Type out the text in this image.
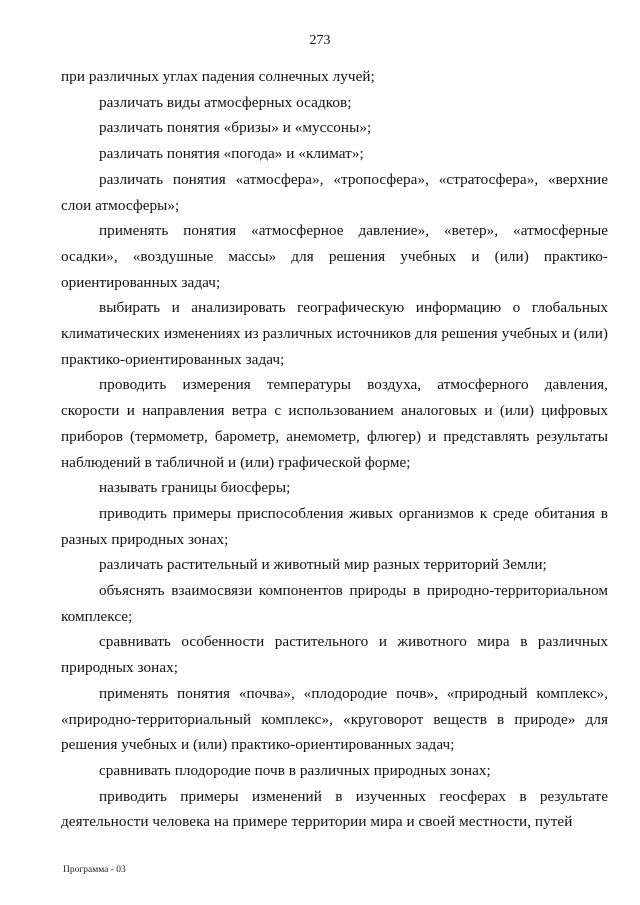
273

при различных углах падения солнечных лучей;

различать виды атмосферных осадков;

различать понятия «бризы» и «муссоны»;

различать понятия «погода» и «климат»;

различать понятия «атмосфера», «тропосфера», «стратосфера», «верхние слои атмосферы»;

применять понятия «атмосферное давление», «ветер», «атмосферные осадки», «воздушные массы» для решения учебных и (или) практико-ориентированных задач;

выбирать и анализировать географическую информацию о глобальных климатических изменениях из различных источников для решения учебных и (или) практико-ориентированных задач;

проводить измерения температуры воздуха, атмосферного давления, скорости и направления ветра с использованием аналоговых и (или) цифровых приборов (термометр, барометр, анемометр, флюгер) и представлять результаты наблюдений в табличной и (или) графической форме;

называть границы биосферы;

приводить примеры приспособления живых организмов к среде обитания в разных природных зонах;

различать растительный и животный мир разных территорий Земли;

объяснять взаимосвязи компонентов природы в природно-территориальном комплексе;

сравнивать особенности растительного и животного мира в различных природных зонах;

применять понятия «почва», «плодородие почв», «природный комплекс», «природно-территориальный комплекс», «круговорот веществ в природе» для решения учебных и (или) практико-ориентированных задач;

сравнивать плодородие почв в различных природных зонах;

приводить примеры изменений в изученных геосферах в результате деятельности человека на примере территории мира и своей местности, путей

Программа - 03
